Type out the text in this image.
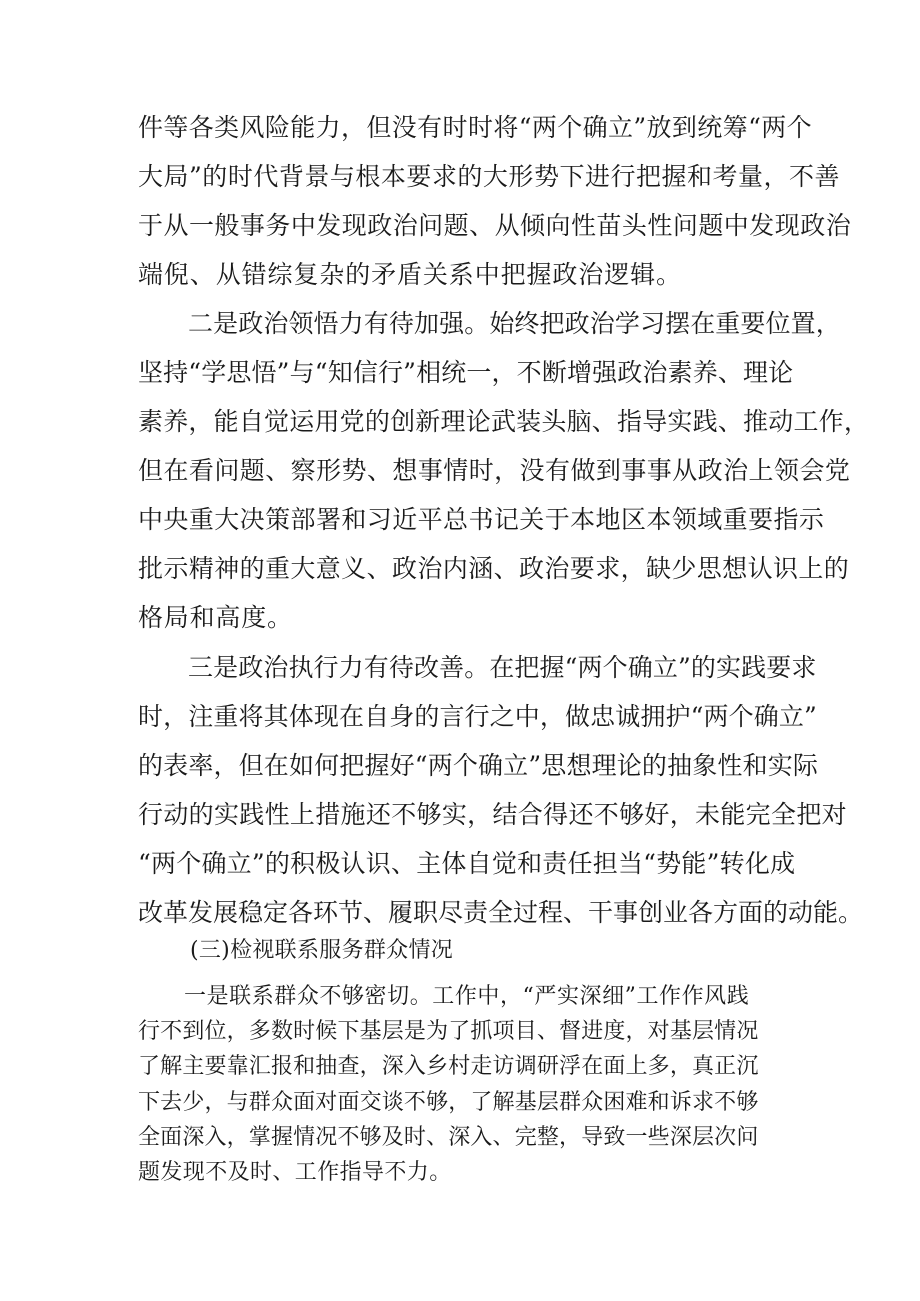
件等各类风险能力，但没有时时将“两个确立”放到统筹“两个

大局”的时代背景与根本要求的大形势下进行把握和考量，不善

于从一般事务中发现政治问题、从倾向性苗头性问题中发现政治

端倪、从错综复杂的矛盾关系中把握政治逻辑。

二是政治领悟力有待加强。始终把政治学习摆在重要位置，

坚持“学思悟”与“知信行”相统一，不断增强政治素养、理论

素养，能自觉运用党的创新理论武装头脑、指导实践、推动工作，

但在看问题、察形势、想事情时，没有做到事事从政治上领会党

中央重大决策部署和习近平总书记关于本地区本领域重要指示

批示精神的重大意义、政治内涵、政治要求，缺少思想认识上的

格局和高度。

三是政治执行力有待改善。在把握“两个确立”的实践要求

时，注重将其体现在自身的言行之中，做忠诚拥护“两个确立”

的表率，但在如何把握好“两个确立”思想理论的抽象性和实际

行动的实践性上措施还不够实，结合得还不够好，未能完全把对

“两个确立”的积极认识、主体自觉和责任担当“势能”转化成

改革发展稳定各环节、履职尽责全过程、干事创业各方面的动能。

(三)检视联系服务群众情况

一是联系群众不够密切。工作中，“严实深细”工作作风践

行不到位，多数时候下基层是为了抓项目、督进度，对基层情况

了解主要靠汇报和抽查，深入乡村走访调研浮在面上多，真正沉

下去少，与群众面对面交谈不够，了解基层群众困难和诉求不够

全面深入，掌握情况不够及时、深入、完整，导致一些深层次问

题发现不及时、工作指导不力。
